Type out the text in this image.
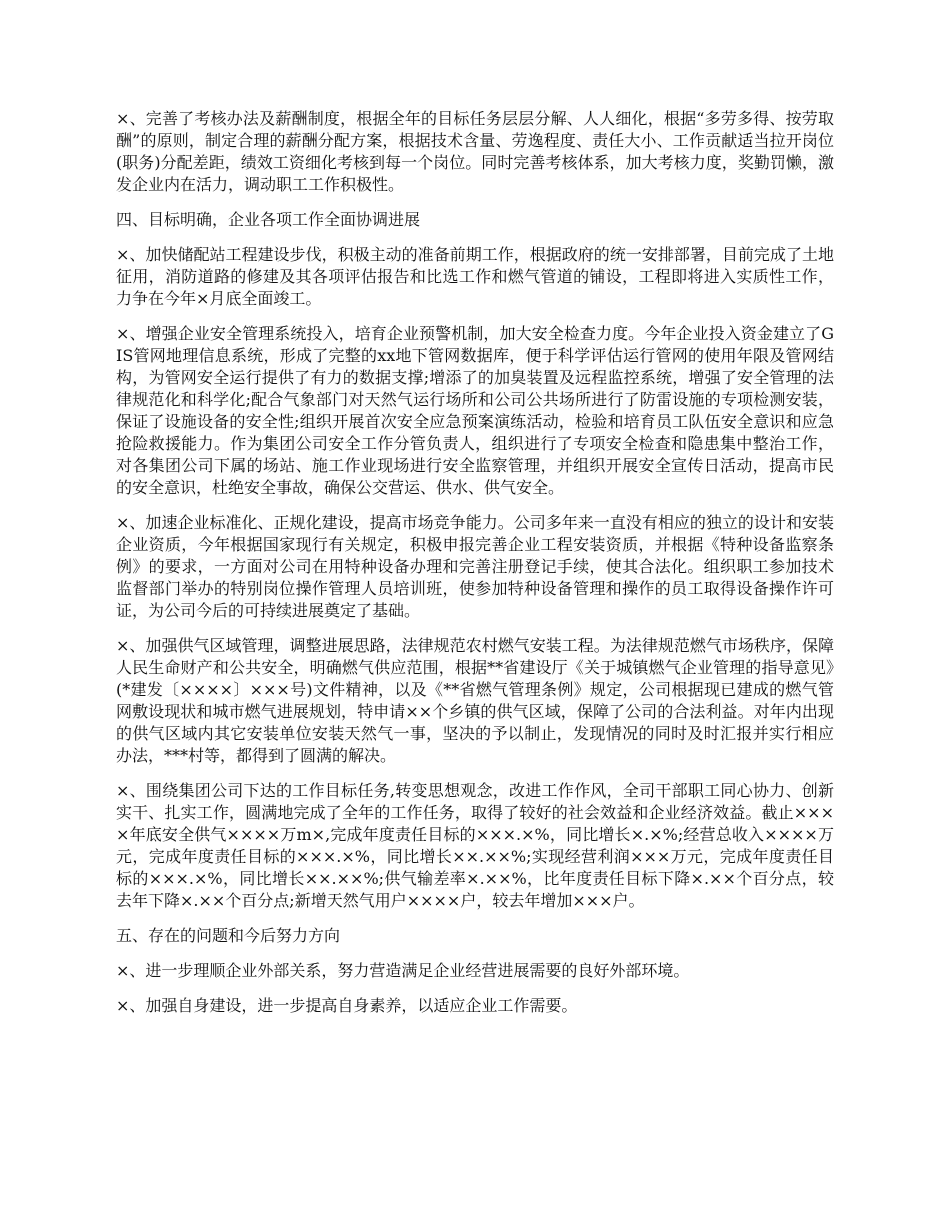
×、完善了考核办法及薪酬制度，根据全年的目标任务层层分解、人人细化，根据“多劳多得、按劳取酬”的原则，制定合理的薪酬分配方案，根据技术含量、劳逸程度、责任大小、工作贡献适当拉开岗位(职务)分配差距，绩效工资细化考核到每一个岗位。同时完善考核体系，加大考核力度，奖勤罚懒，激发企业内在活力，调动职工工作积极性。

四、目标明确，企业各项工作全面协调进展

×、加快储配站工程建设步伐，积极主动的准备前期工作，根据政府的统一安排部署，目前完成了土地征用，消防道路的修建及其各项评估报告和比选工作和燃气管道的铺设，工程即将进入实质性工作，力争在今年×月底全面竣工。

×、增强企业安全管理系统投入，培育企业预警机制，加大安全检查力度。今年企业投入资金建立了GIS管网地理信息系统，形成了完整的xx地下管网数据库，便于科学评估运行管网的使用年限及管网结构，为管网安全运行提供了有力的数据支撑;增添了的加臭装置及远程监控系统，增强了安全管理的法律规范化和科学化;配合气象部门对天然气运行场所和公司公共场所进行了防雷设施的专项检测安装，保证了设施设备的安全性;组织开展首次安全应急预案演练活动，检验和培育员工队伍安全意识和应急抢险救援能力。作为集团公司安全工作分管负责人，组织进行了专项安全检查和隐患集中整治工作，对各集团公司下属的场站、施工作业现场进行安全监察管理，并组织开展安全宣传日活动，提高市民的安全意识，杜绝安全事故，确保公交营运、供水、供气安全。

×、加速企业标准化、正规化建设，提高市场竞争能力。公司多年来一直没有相应的独立的设计和安装企业资质，今年根据国家现行有关规定，积极申报完善企业工程安装资质，并根据《特种设备监察条例》的要求，一方面对公司在用特种设备办理和完善注册登记手续，使其合法化。组织职工参加技术监督部门举办的特别岗位操作管理人员培训班，使参加特种设备管理和操作的员工取得设备操作许可证，为公司今后的可持续进展奠定了基础。

×、加强供气区域管理，调整进展思路，法律规范农村燃气安装工程。为法律规范燃气市场秩序，保障人民生命财产和公共安全，明确燃气供应范围，根据**省建设厅《关于城镇燃气企业管理的指导意见》(*建发〔××××〕×××号)文件精神，以及《**省燃气管理条例》规定，公司根据现已建成的燃气管网敷设现状和城市燃气进展规划，特申请××个乡镇的供气区域，保障了公司的合法利益。对年内出现的供气区域内其它安装单位安装天然气一事，坚决的予以制止，发现情况的同时及时汇报并实行相应办法，***村等，都得到了圆满的解决。

×、围绕集团公司下达的工作目标任务,转变思想观念，改进工作作风，全司干部职工同心协力、创新实干、扎实工作，圆满地完成了全年的工作任务，取得了较好的社会效益和企业经济效益。截止××××年底安全供气××××万m×,完成年度责任目标的×××.×%，同比增长×.×%;经营总收入××××万元，完成年度责任目标的×××.×%，同比增长××.××%;实现经营利润×××万元，完成年度责任目标的×××.×%，同比增长××.××%;供气输差率×.××%，比年度责任目标下降×.××个百分点，较去年下降×.××个百分点;新增天然气用户××××户，较去年增加×××户。

五、存在的问题和今后努力方向

×、进一步理顺企业外部关系，努力营造满足企业经营进展需要的良好外部环境。

×、加强自身建设，进一步提高自身素养，以适应企业工作需要。
